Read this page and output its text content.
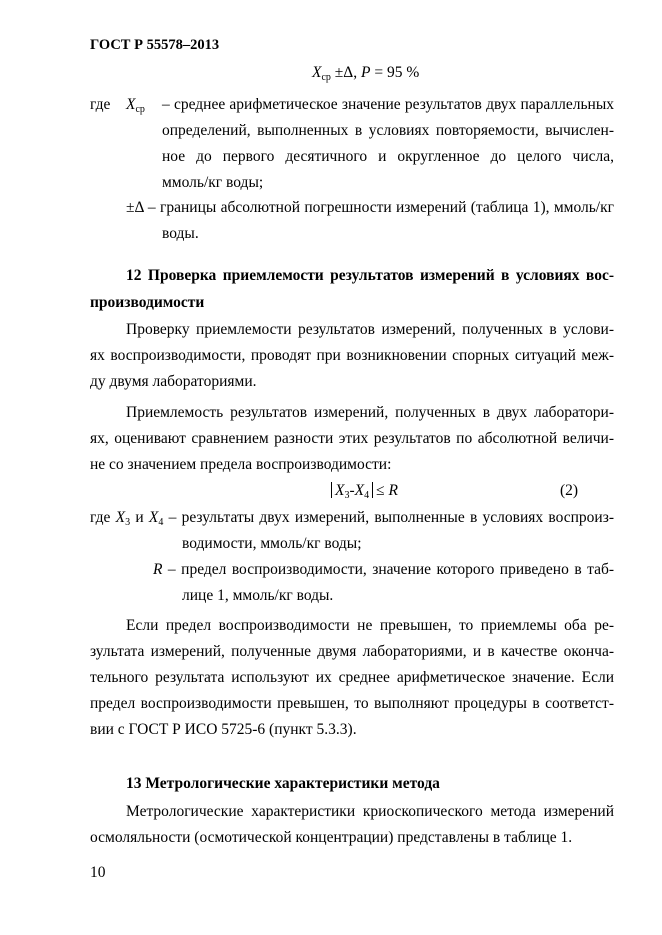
ГОСТ Р 55578–2013
$X_{ср} \pm\Delta$, P = 95 %
где $X_{ср}$ – среднее арифметическое значение результатов двух параллельных
определений, выполненных в условиях повторяемости, вычислен-
ное до первого десятичного и округленное до целого числа,
ммоль/кг воды;
±Δ – границы абсолютной погрешности измерений (таблица 1), ммоль/кг
воды.
12 Проверка приемлемости результатов измерений в условиях вос-
производимости
Проверку приемлемости результатов измерений, полученных в услови-
ях воспроизводимости, проводят при возникновении спорных ситуаций меж-
ду двумя лабораториями.
Приемлемость результатов измерений, полученных в двух лаборатори-
ях, оценивают сравнением разности этих результатов по абсолютной величи-
не со значением предела воспроизводимости:
$X_3-X_4 \le R$	(2)
где $X_3$ и $X_4$ – результаты двух измерений, выполненные в условиях воспроиз-
водимости, ммоль/кг воды;
R – предел воспроизводимости, значение которого приведено в таб-
лице 1, ммоль/кг воды.
Если предел воспроизводимости не превышен, то приемлемы оба ре-
зультата измерений, полученные двумя лабораториями, и в качестве оконча-
тельного результата используют их среднее арифметическое значение. Если
предел воспроизводимости превышен, то выполняют процедуры в соответст-
вии с ГОСТ Р ИСО 5725-6 (пункт 5.3.3).
13 Метрологические характеристики метода
Метрологические характеристики криоскопического метода измерений
осмоляльности (осмотической концентрации) представлены в таблице 1.
10
